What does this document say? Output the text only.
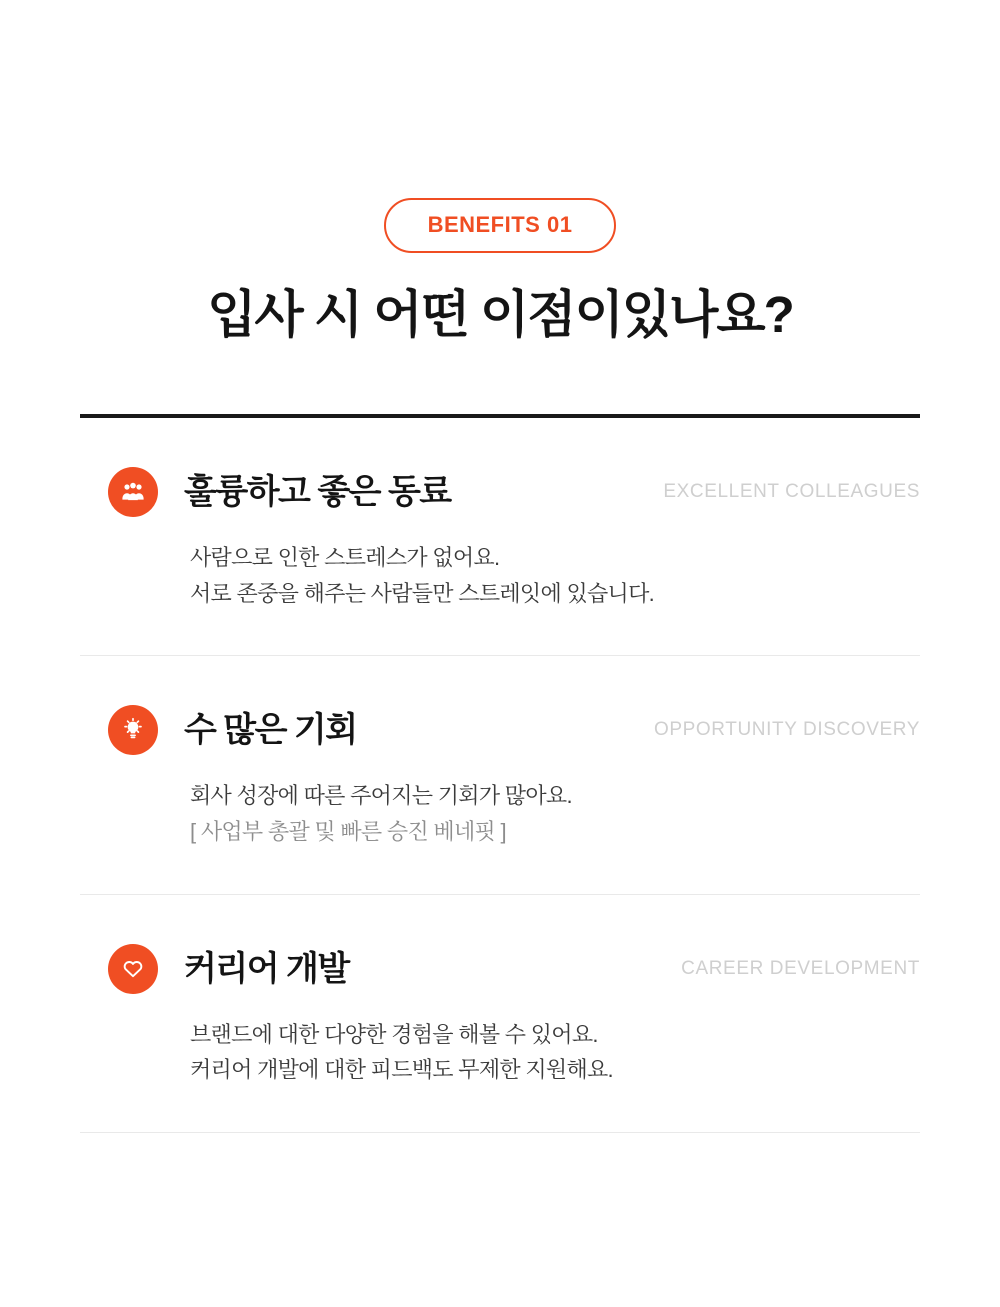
BENEFITS 01
입사 시 어떤 이점이있나요?
훌륭하고 좋은 동료	EXCELLENT COLLEAGUES
사람으로 인한 스트레스가 없어요.
서로 존중을 해주는 사람들만 스트레잇에 있습니다.
수 많은 기회	OPPORTUNITY DISCOVERY
회사 성장에 따른 주어지는 기회가 많아요.
[ 사업부 총괄 및 빠른 승진 베네핏 ]
커리어 개발	CAREER DEVELOPMENT
브랜드에 대한 다양한 경험을 해볼 수 있어요.
커리어 개발에 대한 피드백도 무제한 지원해요.
